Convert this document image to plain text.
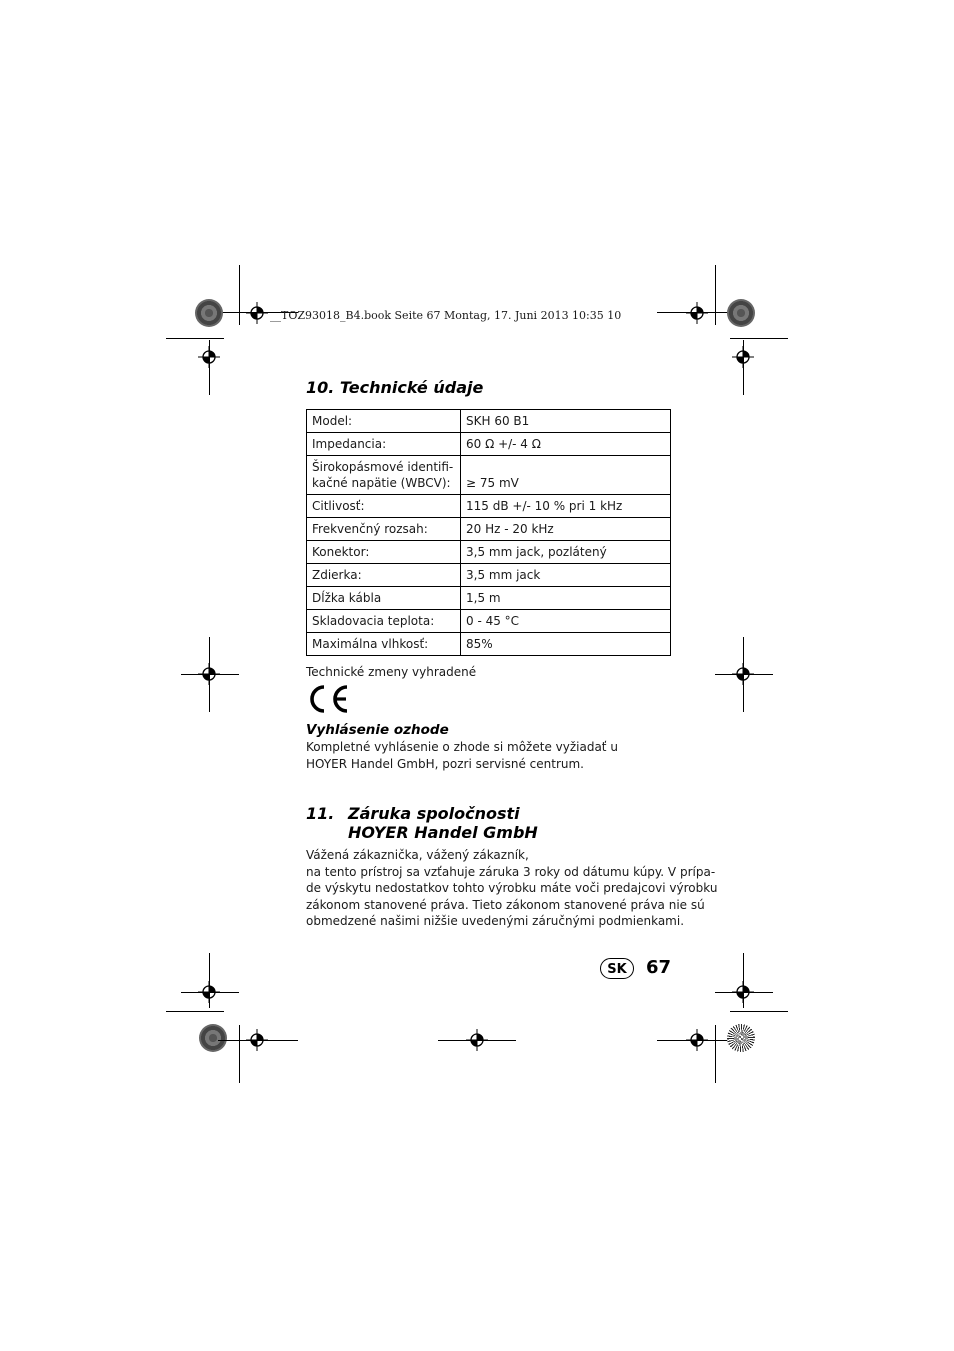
__TOZ93018_B4.book Seite 67 Montag, 17. Juni 2013 10:35 10
10. Technické údaje
Model:	SKH 60 B1
Impedancia:	60 Ω +/- 4 Ω

Širokopásmové identifi-
kačné napätie (WBCV):	≥ 75 mV
Citlivosť:	115 dB +/- 10 % pri 1 kHz
Frekvenčný rozsah:	20 Hz - 20 kHz
Konektor:	3,5 mm jack, pozlátený
Zdierka:	3,5 mm jack
Dĺžka kábla	1,5 m
Skladovacia teplota:	0 - 45 °C
Maximálna vlhkosť:	85%
Technické zmeny vyhradené
Vyhlásenie ozhode
Kompletné vyhlásenie o zhode si môžete vyžiadať u
HOYER Handel GmbH, pozri servisné centrum.
11. Záruka spoločnosti
HOYER Handel GmbH
Vážená zákaznička, vážený zákazník,
na tento prístroj sa vzťahuje záruka 3 roky od dátumu kúpy. V prípa-
de výskytu nedostatkov tohto výrobku máte voči predajcovi výrobku
zákonom stanovené práva. Tieto zákonom stanovené práva nie sú
obmedzené našimi nižšie uvedenými záručnými podmienkami.
SK	67
